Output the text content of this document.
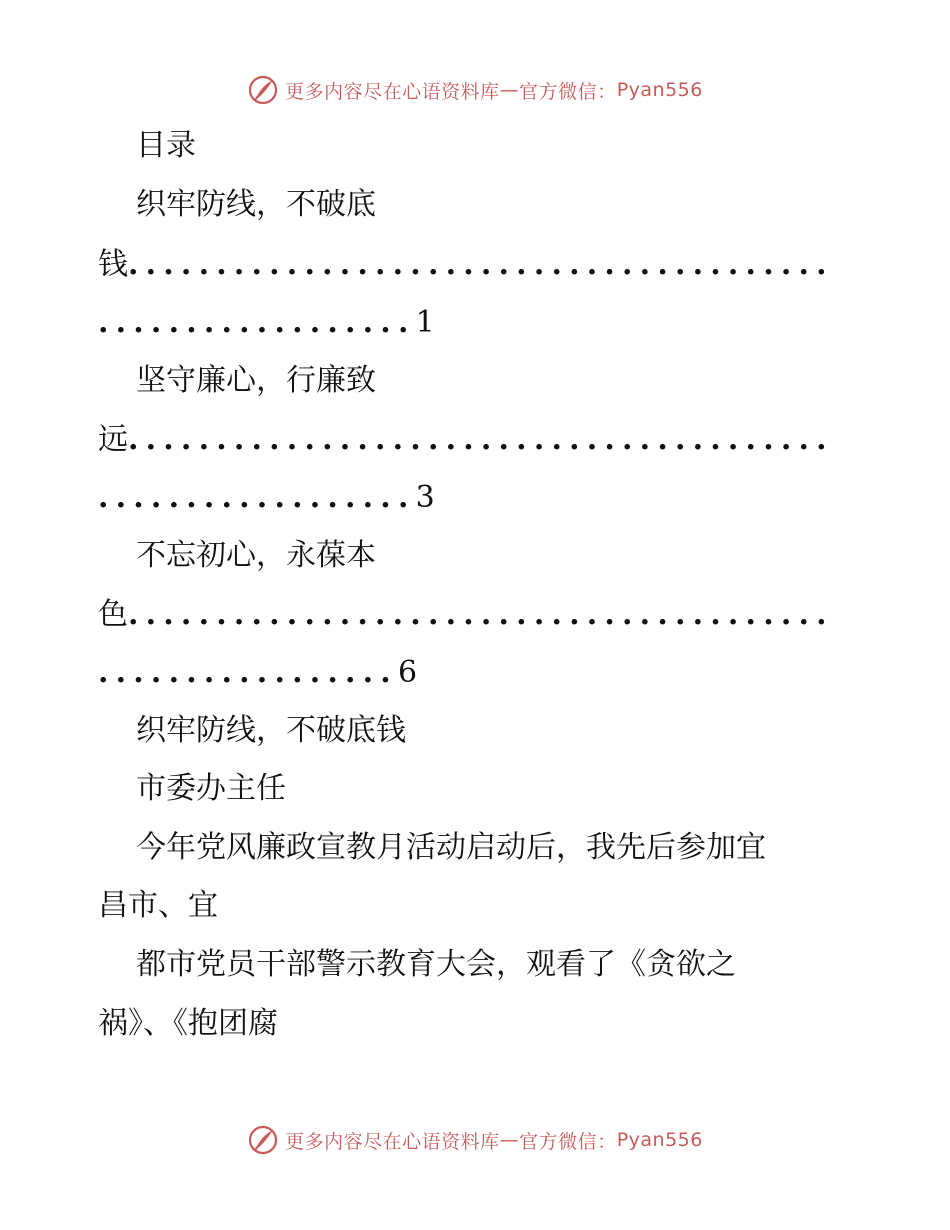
更多内容尽在心语资料库 — 官方微信： Pyan556
目录
织牢防线，不破底
钱........................................
..................1
坚守廉心，行廉致
远........................................
..................3
不忘初心，永葆本
色........................................
.................6
织牢防线，不破底钱
市委办主任
今年党风廉政宣教月活动启动后，我先后参加宜
昌市、宜
都市党员干部警示教育大会，观看了《贪欲之
祸》、《抱团腐
更多内容尽在心语资料库 — 官方微信： Pyan556
